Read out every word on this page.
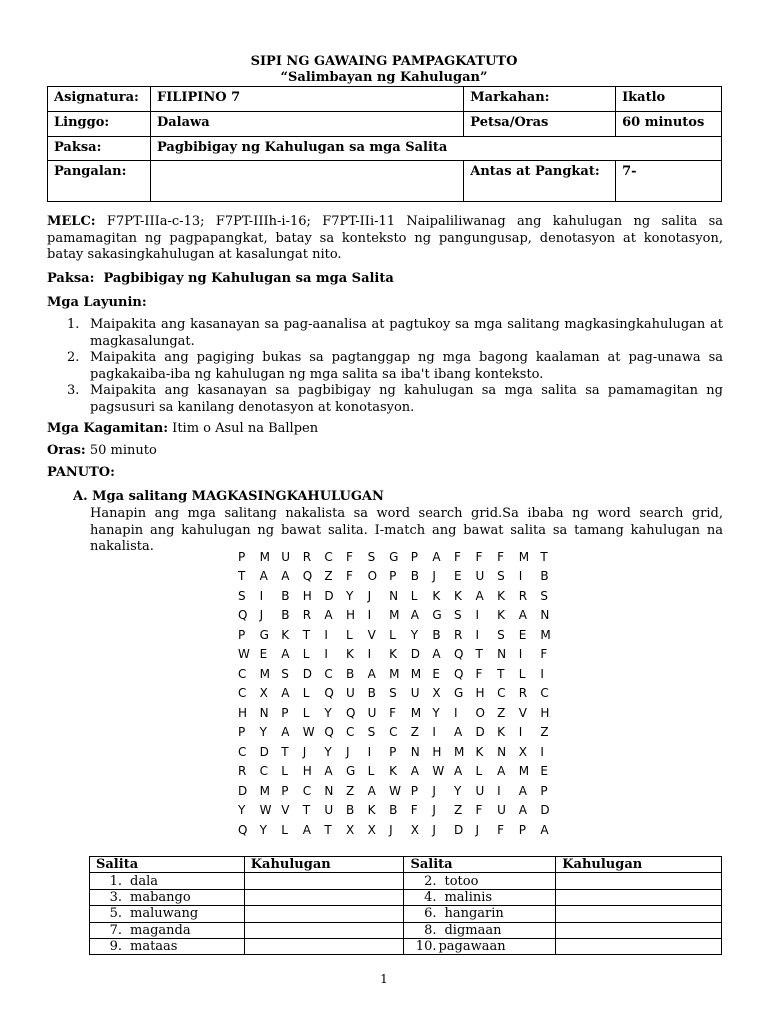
SIPI NG GAWAING PAMPAGKATUTO
“Salimbayan ng Kahulugan”
Asignatura:	FILIPINO 7	Markahan:	Ikatlo
Linggo:	Dalawa	Petsa/Oras	60 minutos
Paksa:	Pagbibigay ng Kahulugan sa mga Salita		
Pangalan:		Antas at Pangkat:	7-
MELC: F7PT-IIIa-c-13; F7PT-IIIh-i-16; F7PT-IIi-11 Naipaliliwanag ang kahulugan ng salita sa pamamagitan ng pagpapangkat, batay sa konteksto ng pangungusap, denotasyon at konotasyon, batay sakasingkahulugan at kasalungat nito.
Paksa:  Pagbibigay ng Kahulugan sa mga Salita
Mga Layunin:
1. Maipakita ang kasanayan sa pag-aanalisa at pagtukoy sa mga salitang magkasingkahulugan at magkasalungat.
2. Maipakita ang pagiging bukas sa pagtanggap ng mga bagong kaalaman at pag-unawa sa pagkakaiba-iba ng kahulugan ng mga salita sa iba't ibang konteksto.
3. Maipakita ang kasanayan sa pagbibigay ng kahulugan sa mga salita sa pamamagitan ng pagsusuri sa kanilang denotasyon at konotasyon.
Mga Kagamitan: Itim o Asul na Ballpen
Oras: 50 minuto
PANUTO:
A. Mga salitang MAGKASINGKAHULUGAN
Hanapin ang mga salitang nakalista sa word search grid.Sa ibaba ng word search grid, hanapin ang kahulugan ng bawat salita. I-match ang bawat salita sa tamang kahulugan na nakalista.
P	M U	R	C	F	S	G	P	A	F	F	F	M T
T	A	A	Q	Z	F	O	P	B	J	E	U	S	I	B
S	I	B	H	D	Y	J	N	L	K	K	A	K	R	S
Q	J	B	R	A	H	I	M A	G	S	I	K	A	N
P	G	K	T	I	L	V	L	Y	B	R	I	S	E	M
W E	A	L	I	K	I	K	D	A	Q	T	N	I	F
C	M S	D	C	B	A	M M E	Q	F	T	L	I
C	X	A	L	Q	U	B	S	U	X	G	H	C	R	C
H	N	P	L	Y	Q	U	F	M Y	I	O	Z	V	H
P	Y	A	W Q	C	S	C	Z	I	A	D	K	I	Z
C	D	T	J	Y	J	I	P	N	H	M K	N	X	I
R	C	L	H	A	G	L	K	A	W A	L	A	M E
D	M P	C	N	Z	A	W P	J	Y	U	I	A	P
Y	W V	T	U	B	K	B	F	J	Z	F	U	A	D
Q	Y	L	A	T	X	X	J	X	J	D	J	F	P	A
Salita	Kahulugan	Salita	Kahulugan
1. dala		2. totoo	
3. mabango		4. malinis	
5. maluwang		6. hangarin	
7. maganda		8. digmaan	
9. mataas		10. pagawaan	
1
